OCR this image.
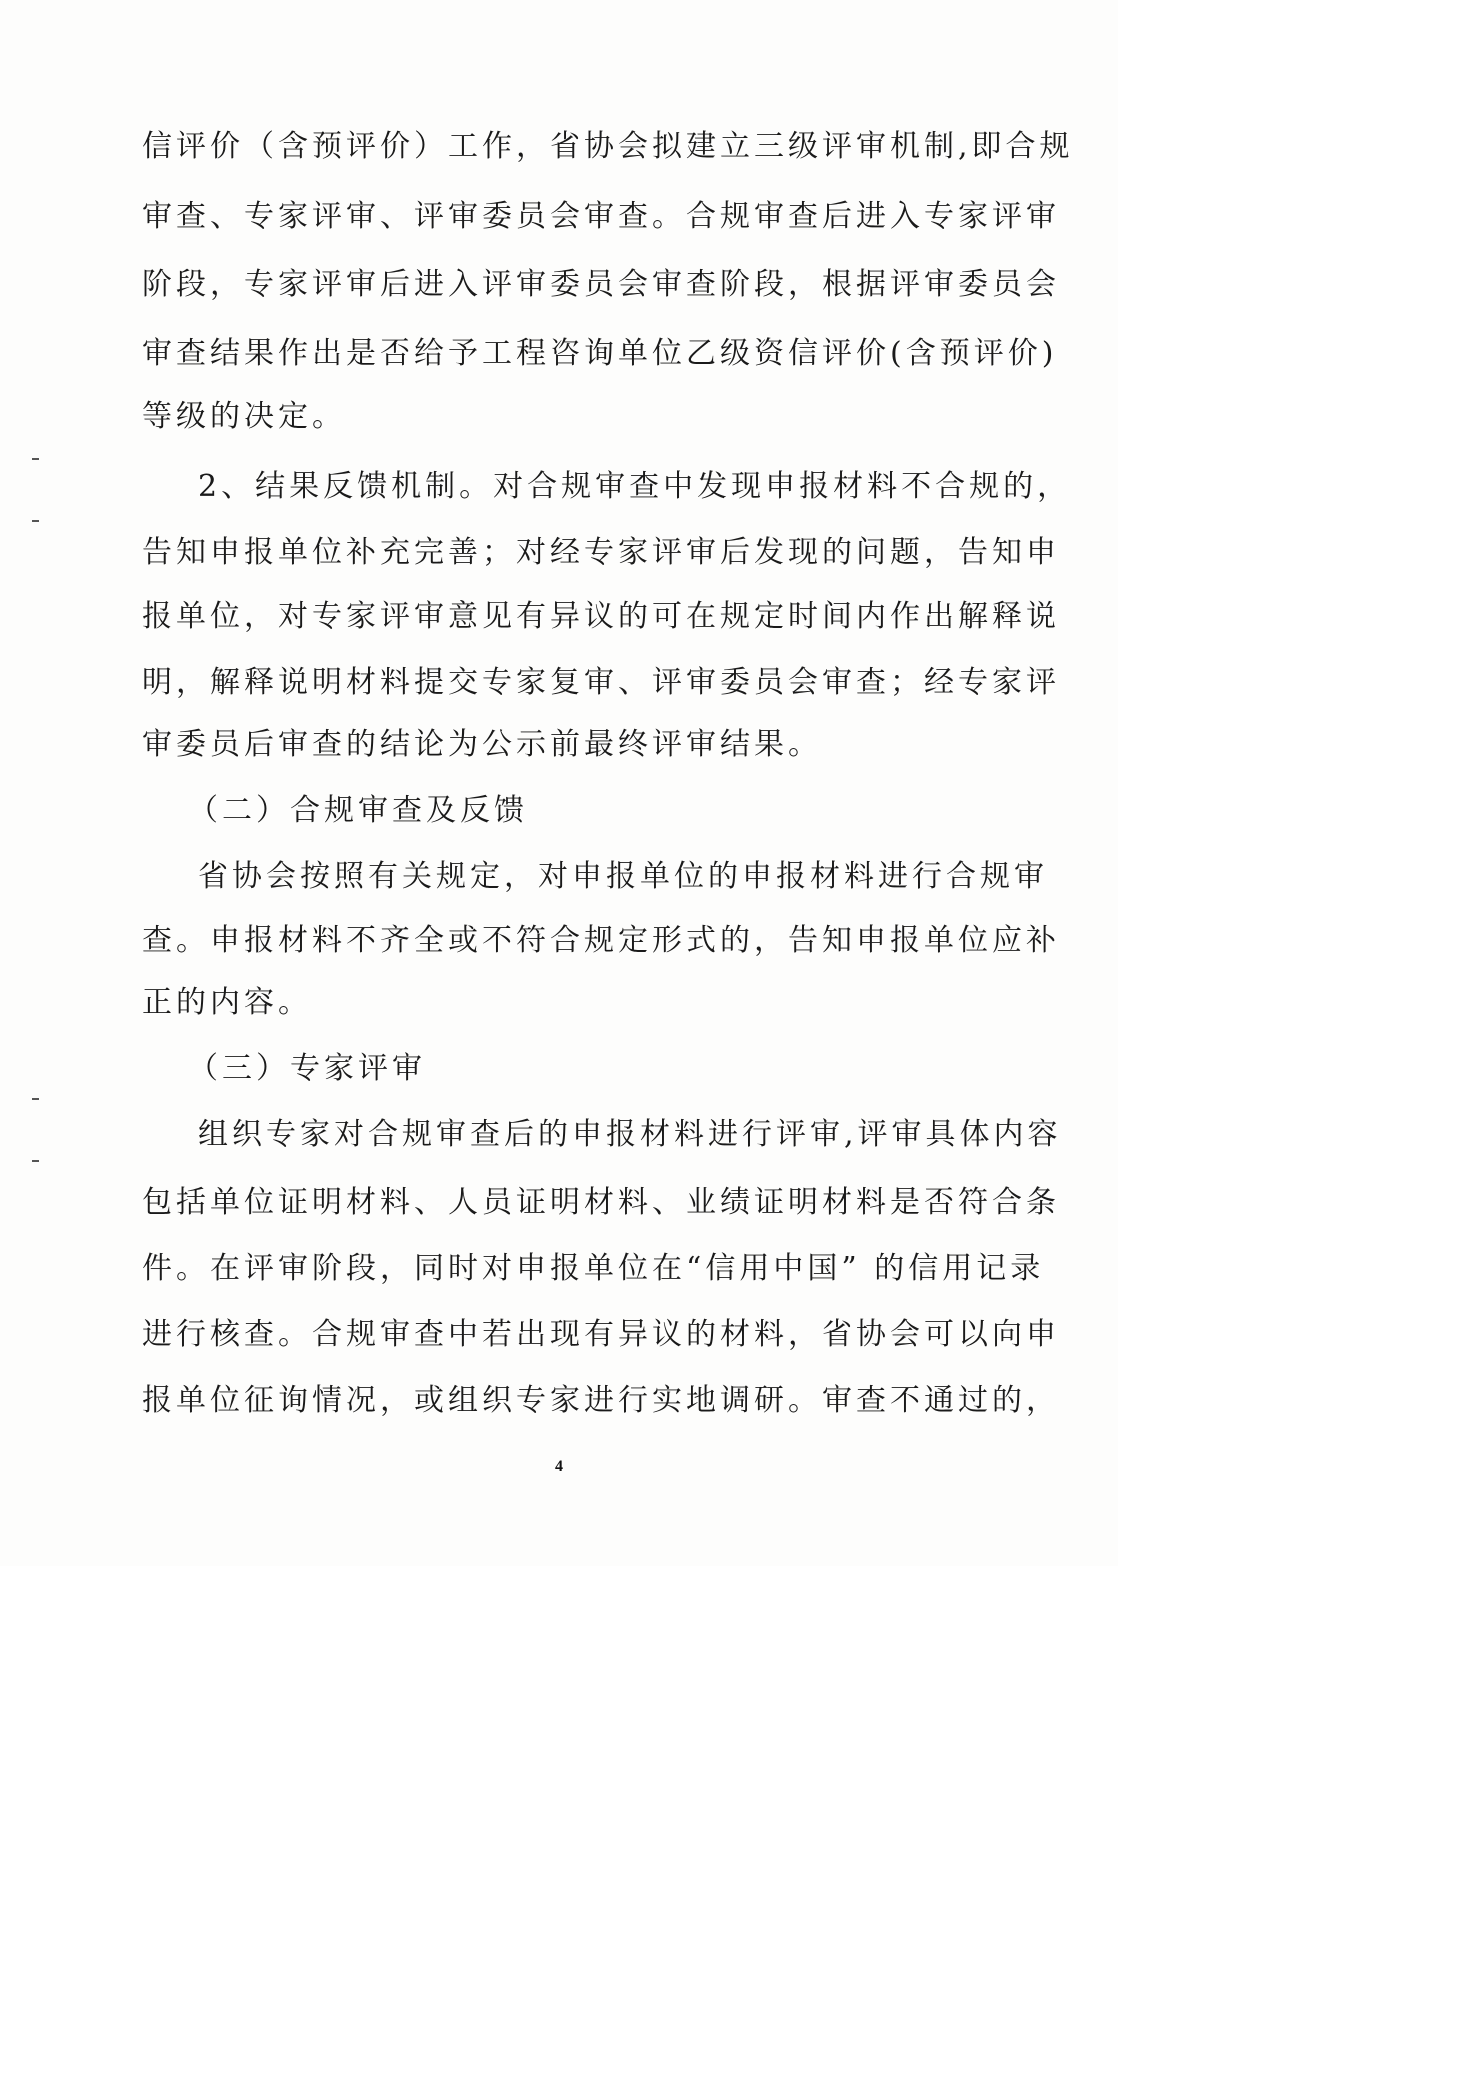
信评价（含预评价）工作，省协会拟建立三级评审机制,即合规
审查、专家评审、评审委员会审查。合规审查后进入专家评审
阶段，专家评审后进入评审委员会审查阶段，根据评审委员会
审查结果作出是否给予工程咨询单位乙级资信评价(含预评价)
等级的决定。
2、结果反馈机制。对合规审查中发现申报材料不合规的，
告知申报单位补充完善；对经专家评审后发现的问题，告知申
报单位，对专家评审意见有异议的可在规定时间内作出解释说
明，解释说明材料提交专家复审、评审委员会审查；经专家评
审委员后审查的结论为公示前最终评审结果。
（二）合规审查及反馈
省协会按照有关规定，对申报单位的申报材料进行合规审
查。申报材料不齐全或不符合规定形式的，告知申报单位应补
正的内容。
（三）专家评审
组织专家对合规审查后的申报材料进行评审,评审具体内容
包括单位证明材料、人员证明材料、业绩证明材料是否符合条
件。在评审阶段，同时对申报单位在“信用中国” 的信用记录
进行核查。合规审查中若出现有异议的材料，省协会可以向申
报单位征询情况，或组织专家进行实地调研。审查不通过的，
4
